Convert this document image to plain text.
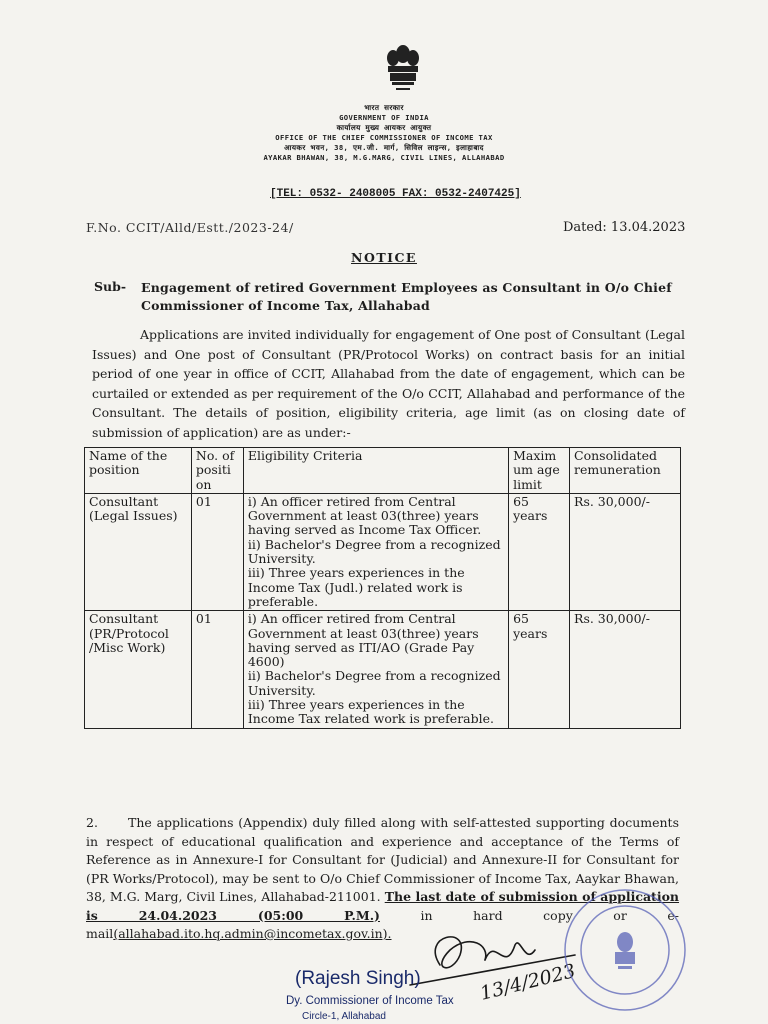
भारत सरकार
GOVERNMENT OF INDIA
कार्यालय मुख्य आयकर आयुक्त
OFFICE OF THE CHIEF COMMISSIONER OF INCOME TAX
आयकर भवन, 38, एम.जी. मार्ग, सिविल लाइन्स, इलाहाबाद
AYAKAR BHAWAN, 38, M.G.MARG, CIVIL LINES, ALLAHABAD
[TEL: 0532- 2408005 FAX: 0532-2407425]
F.No. CCIT/Alld/Estt./2023-24/	Dated: 13.04.2023
NOTICE
Sub- Engagement of retired Government Employees as Consultant in O/o Chief Commissioner of Income Tax, Allahabad
Applications are invited individually for engagement of One post of Consultant (Legal Issues) and One post of Consultant (PR/Protocol Works) on contract basis for an initial period of one year in office of CCIT, Allahabad from the date of engagement, which can be curtailed or extended as per requirement of the O/o CCIT, Allahabad and performance of the Consultant. The details of position, eligibility criteria, age limit (as on closing date of submission of application) are as under:-
Name of the position	No. of positi on	Eligibility Criteria	Maxim um age limit	Consolidated remuneration
Consultant (Legal Issues)	01	i) An officer retired from Central Government at least 03(three) years having served as Income Tax Officer.
ii) Bachelor's Degree from a recognized University.
iii) Three years experiences in the Income Tax (Judl.) related work is preferable.	65 years	Rs. 30,000/-
Consultant (PR/Protocol /Misc Work)	01	i) An officer retired from Central Government at least 03(three) years having served as ITI/AO (Grade Pay 4600)
ii) Bachelor's Degree from a recognized University.
iii) Three years experiences in the Income Tax related work is preferable.	65 years	Rs. 30,000/-
2. The applications (Appendix) duly filled along with self-attested supporting documents in respect of educational qualification and experience and acceptance of the Terms of Reference as in Annexure-I for Consultant for (Judicial) and Annexure-II for Consultant for (PR Works/Protocol), may be sent to O/o Chief Commissioner of Income Tax, Aaykar Bhawan, 38, M.G. Marg, Civil Lines, Allahabad-211001. The last date of submission of application is 24.04.2023 (05:00 P.M.)	in hard copy or e-mail(allahabad.ito.hq.admin@incometax.gov.in).
13/4/2023
(Rajesh Singh)
Dy. Commissioner of Income Tax
Circle-1, Allahabad
